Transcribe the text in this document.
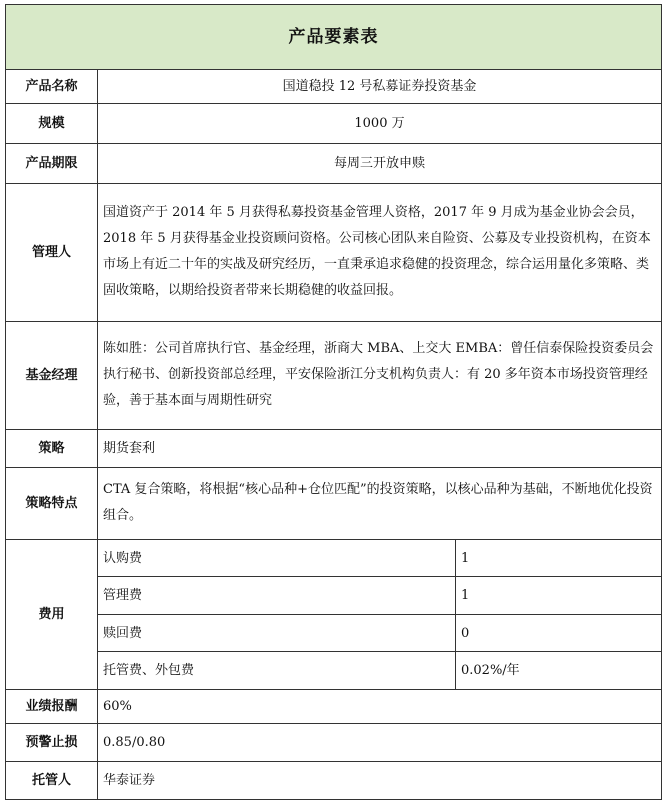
产品要素表		
产品名称	国道稳投 12 号私募证券投资基金	
规模	1000 万	
产品期限	每周三开放申赎	
管理人	国道资产于 2014 年 5 月获得私募投资基金管理人资格，2017 年 9 月成为基金业协会会员，2018 年 5 月获得基金业投资顾问资格。公司核心团队来自险资、公募及专业投资机构，在资本市场上有近二十年的实战及研究经历，一直秉承追求稳健的投资理念，综合运用量化多策略、类固收策略，以期给投资者带来长期稳健的收益回报。	
基金经理	陈如胜：公司首席执行官、基金经理，浙商大 MBA、上交大 EMBA：曾任信泰保险投资委员会执行秘书、创新投资部总经理，平安保险浙江分支机构负责人：有 20 多年资本市场投资管理经验，善于基本面与周期性研究	
策略	期货套利	
策略特点	CTA 复合策略，将根据“核心品种+仓位匹配”的投资策略，以核心品种为基础，不断地优化投资组合。	
费用	认购费	1
	管理费	1
	赎回费	0
	托管费、外包费	0.02%/年
业绩报酬	60%	
预警止损	0.85/0.80	
托管人	华泰证券	
